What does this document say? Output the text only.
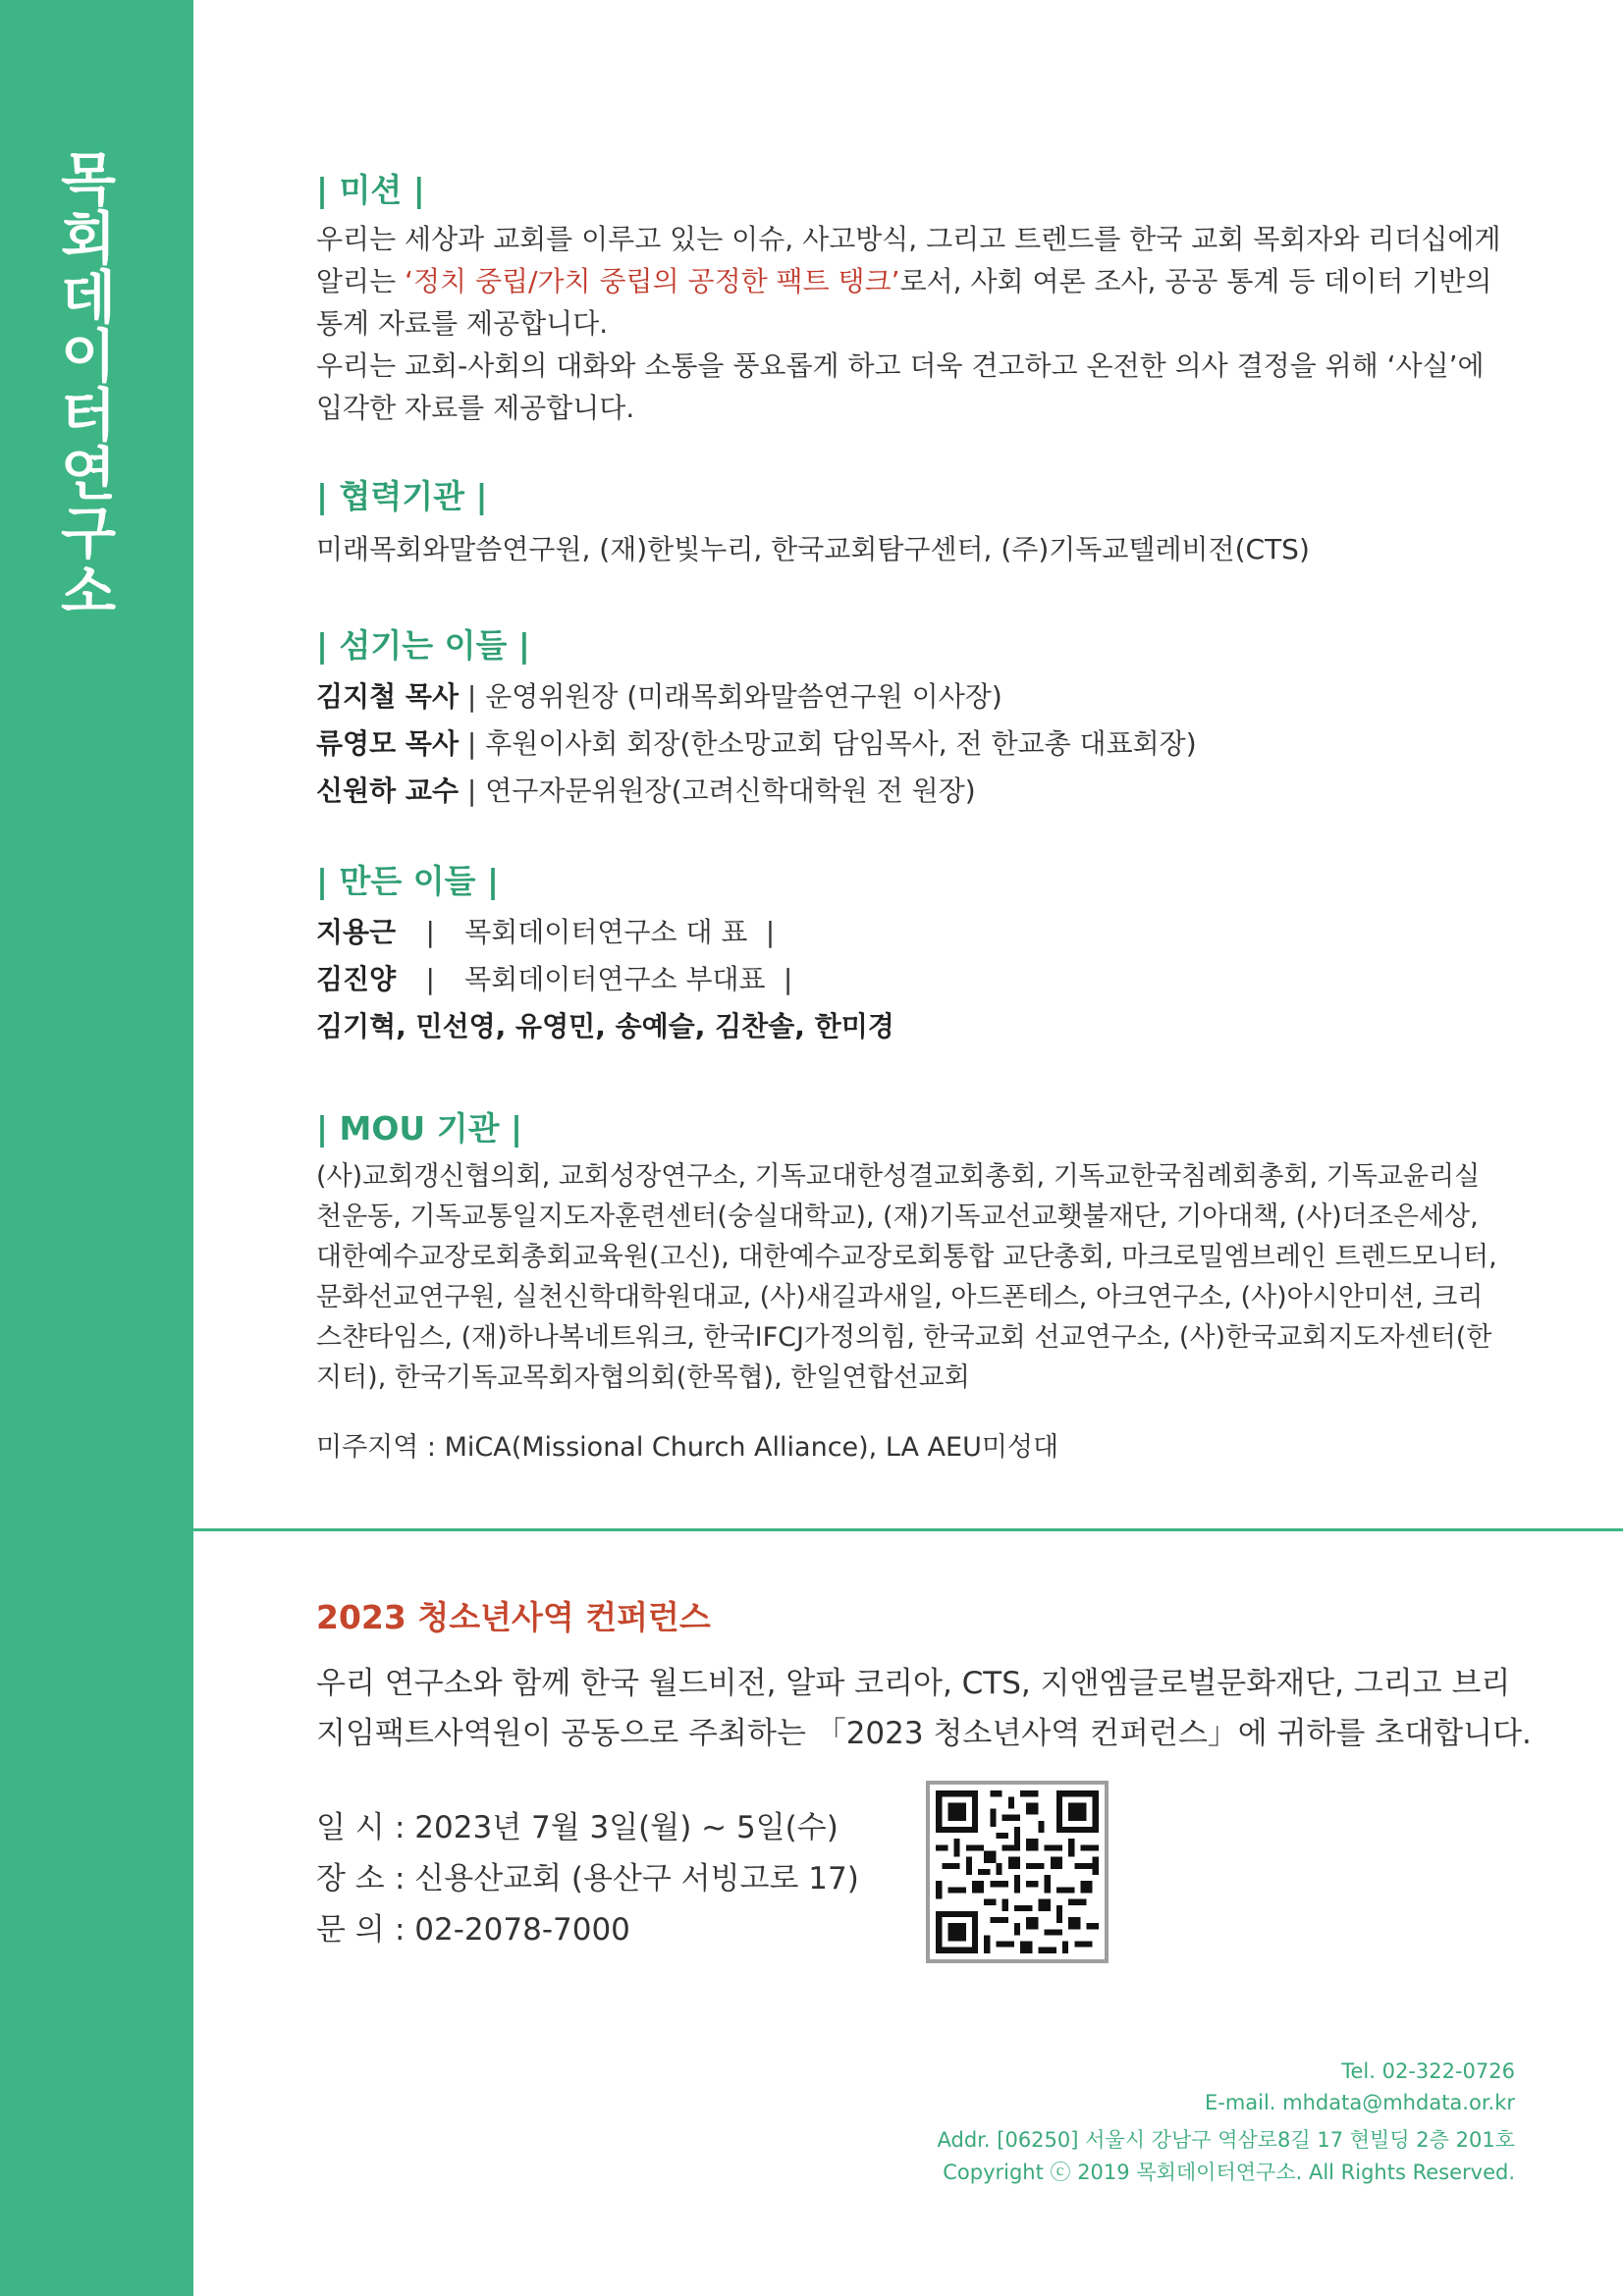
목회데이터연구소	| 미션 |
우리는 세상과 교회를 이루고 있는 이슈, 사고방식, 그리고 트렌드를 한국 교회 목회자와 리더십에게
알리는 ‘정치 중립/가치 중립의 공정한 팩트 탱크’로서, 사회 여론 조사, 공공 통계 등 데이터 기반의
통계 자료를 제공합니다.
우리는 교회-사회의 대화와 소통을 풍요롭게 하고 더욱 견고하고 온전한 의사 결정을 위해 ‘사실’에
입각한 자료를 제공합니다.
| 협력기관 |
미래목회와말씀연구원, (재)한빛누리, 한국교회탐구센터, (주)기독교텔레비전(CTS)
| 섬기는 이들 |
김지철 목사 | 운영위원장 (미래목회와말씀연구원 이사장)
류영모 목사 | 후원이사회 회장(한소망교회 담임목사, 전 한교총 대표회장)
신원하 교수 | 연구자문위원장(고려신학대학원 전 원장)
| 만든 이들 |
지용근 | 목회데이터연구소 대 표 |
김진양 | 목회데이터연구소 부대표 |
김기혁, 민선영, 유영민, 송예슬, 김찬솔, 한미경
| MOU 기관 |
(사)교회갱신협의회, 교회성장연구소, 기독교대한성결교회총회, 기독교한국침례회총회, 기독교윤리실
천운동, 기독교통일지도자훈련센터(숭실대학교), (재)기독교선교횃불재단, 기아대책, (사)더조은세상,
대한예수교장로회총회교육원(고신), 대한예수교장로회통합 교단총회, 마크로밀엠브레인 트렌드모니터,
문화선교연구원, 실천신학대학원대교, (사)새길과새일, 아드폰테스, 아크연구소, (사)아시안미션, 크리
스챤타임스, (재)하나복네트워크, 한국IFCJ가정의힘, 한국교회 선교연구소, (사)한국교회지도자센터(한
지터), 한국기독교목회자협의회(한목협), 한일연합선교회
미주지역 : MiCA(Missional Church Alliance), LA AEU미성대
2023 청소년사역 컨퍼런스
우리 연구소와 함께 한국 월드비전, 알파 코리아, CTS, 지앤엠글로벌문화재단, 그리고 브리
지임팩트사역원이 공동으로 주최하는 「2023 청소년사역 컨퍼런스」에 귀하를 초대합니다.
일 시 : 2023년 7월 3일(월) ~ 5일(수)
장 소 : 신용산교회 (용산구 서빙고로 17)
문 의 : 02-2078-7000
Tel. 02-322-0726
E-mail. mhdata@mhdata.or.kr
Addr. [06250] 서울시 강남구 역삼로8길 17 현빌딩 2층 201호
Copyright ⓒ 2019 목회데이터연구소. All Rights Reserved.
